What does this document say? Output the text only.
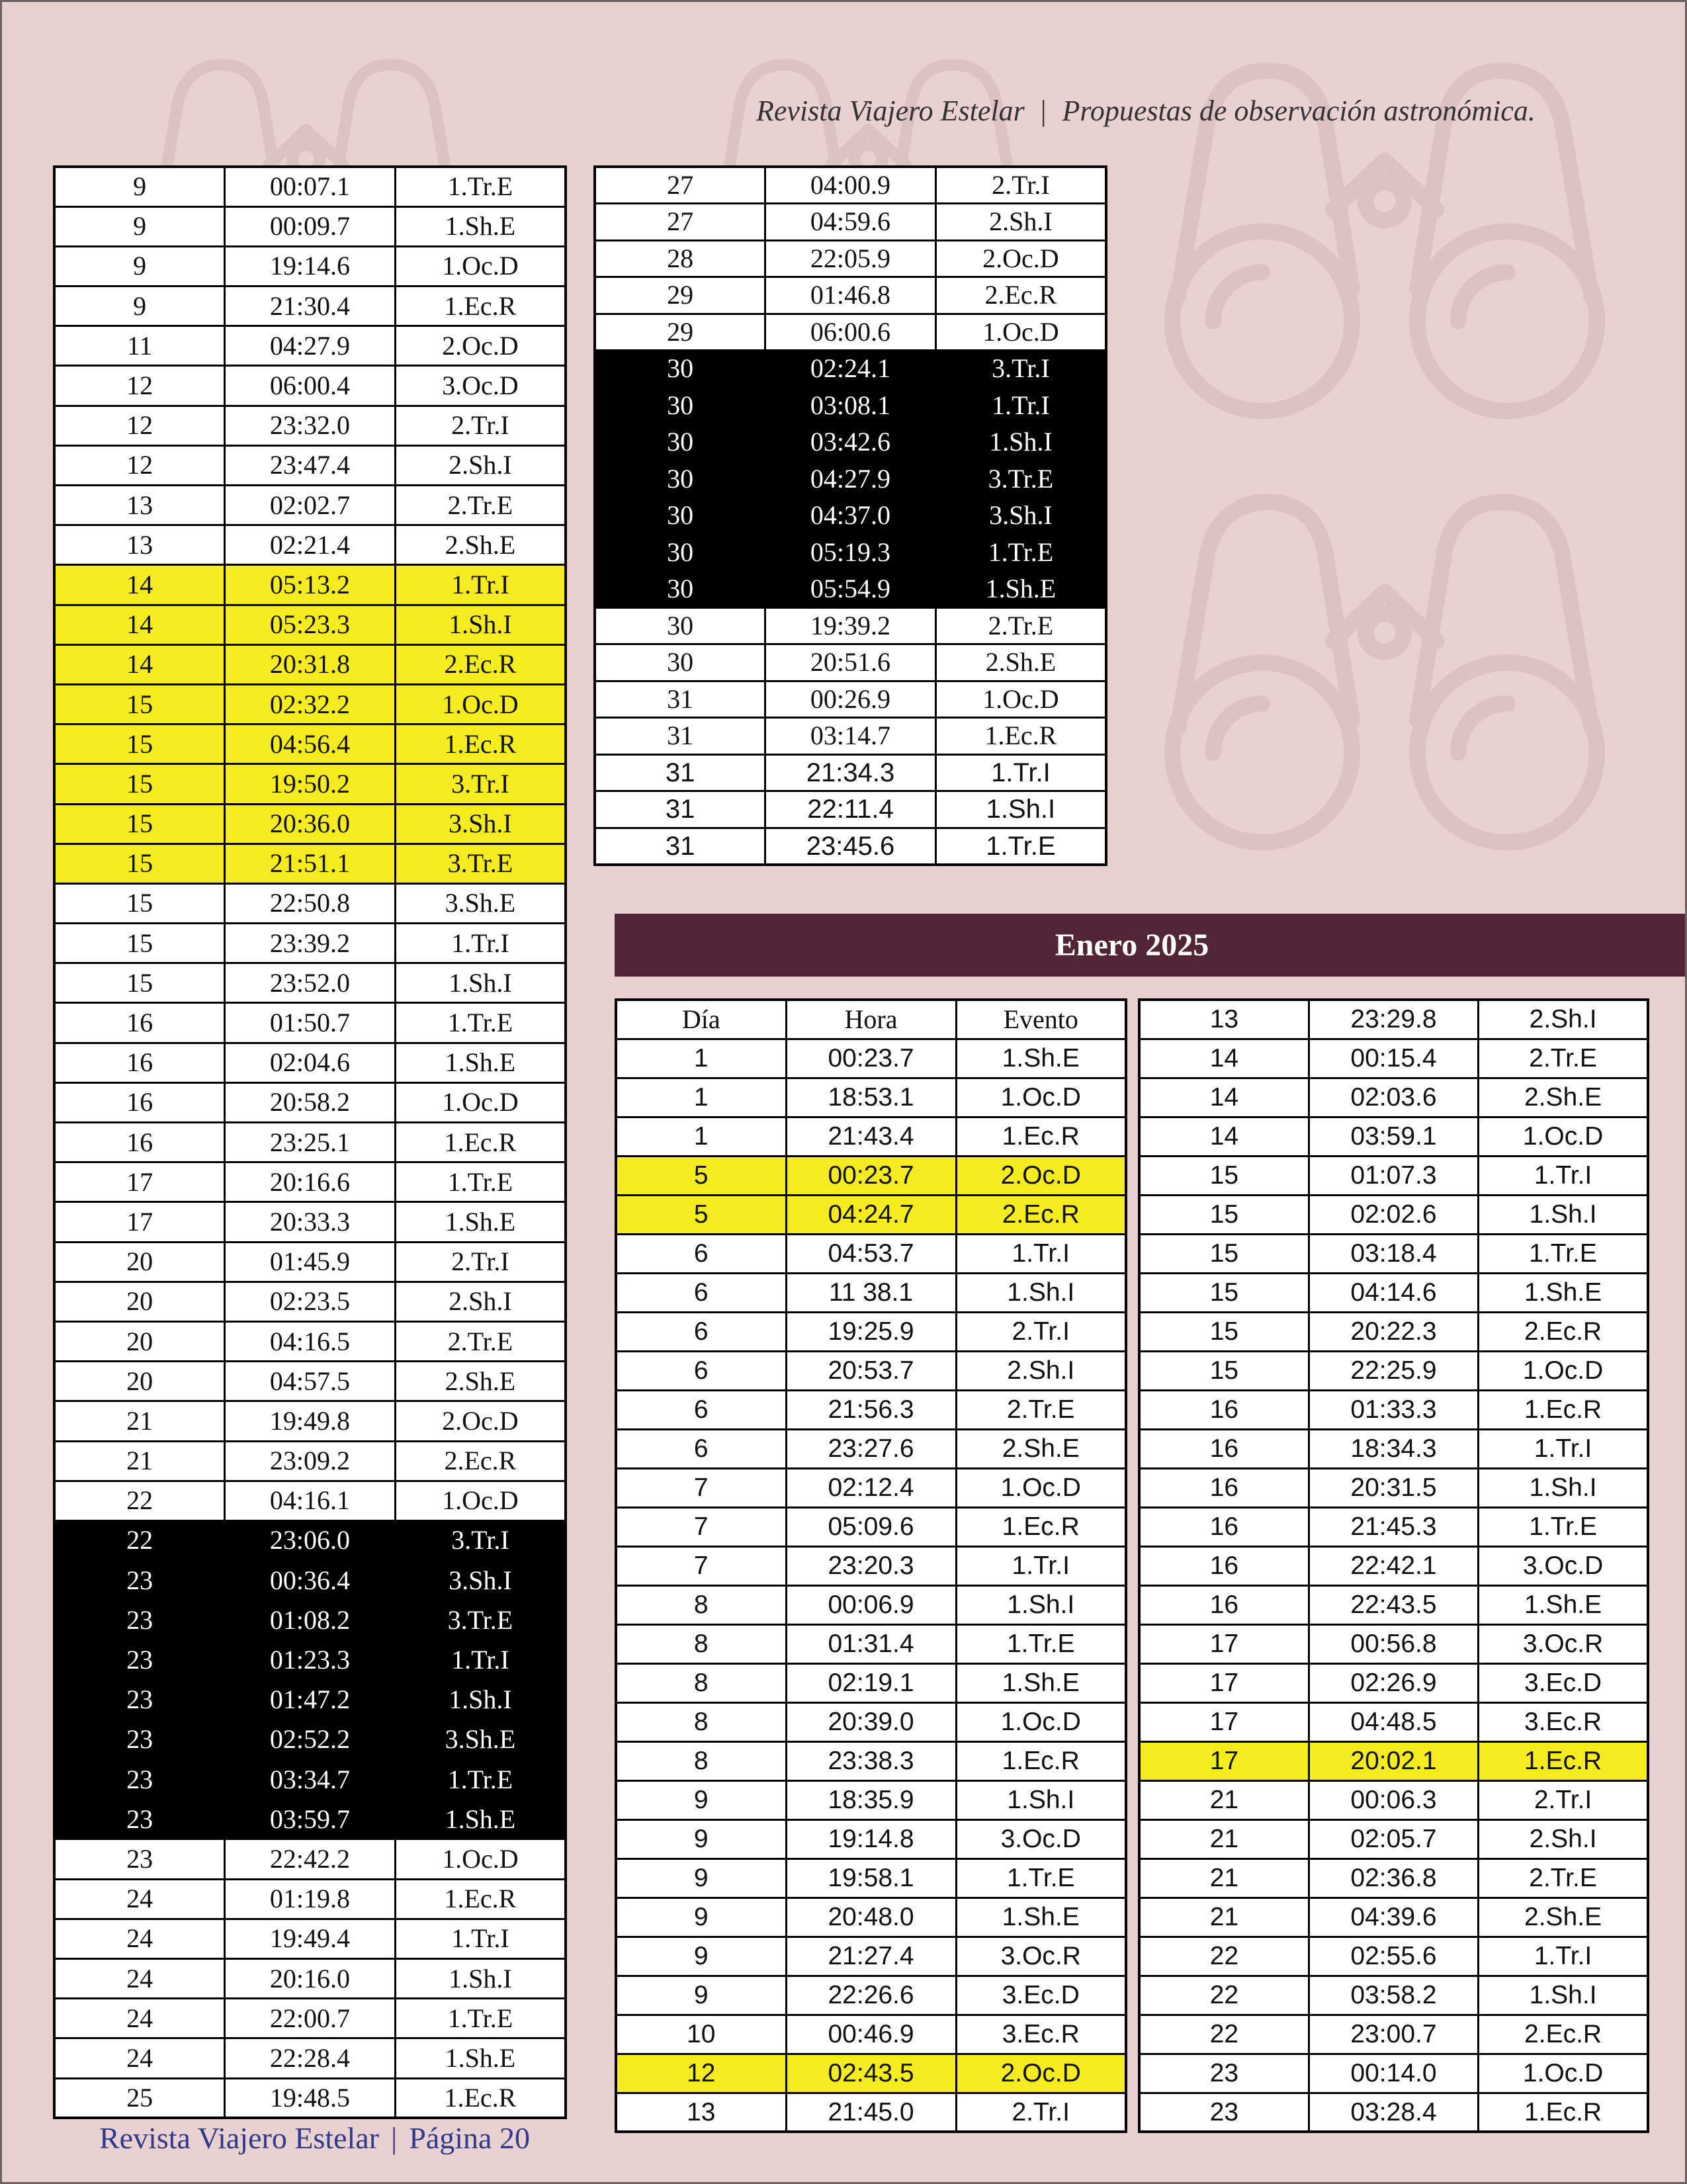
Revista Viajero Estelar | Propuestas de observación astronómica.
9	00:07.1	1.Tr.E
9	00:09.7	1.Sh.E
9	19:14.6	1.Oc.D
9	21:30.4	1.Ec.R
11	04:27.9	2.Oc.D
12	06:00.4	3.Oc.D
12	23:32.0	2.Tr.I
12	23:47.4	2.Sh.I
13	02:02.7	2.Tr.E
13	02:21.4	2.Sh.E
14	05:13.2	1.Tr.I
14	05:23.3	1.Sh.I
14	20:31.8	2.Ec.R
15	02:32.2	1.Oc.D
15	04:56.4	1.Ec.R
15	19:50.2	3.Tr.I
15	20:36.0	3.Sh.I
15	21:51.1	3.Tr.E
15	22:50.8	3.Sh.E
15	23:39.2	1.Tr.I
15	23:52.0	1.Sh.I
16	01:50.7	1.Tr.E
16	02:04.6	1.Sh.E
16	20:58.2	1.Oc.D
16	23:25.1	1.Ec.R
17	20:16.6	1.Tr.E
17	20:33.3	1.Sh.E
20	01:45.9	2.Tr.I
20	02:23.5	2.Sh.I
20	04:16.5	2.Tr.E
20	04:57.5	2.Sh.E
21	19:49.8	2.Oc.D
21	23:09.2	2.Ec.R
22	04:16.1	1.Oc.D
22	23:06.0	3.Tr.I
23	00:36.4	3.Sh.I
23	01:08.2	3.Tr.E
23	01:23.3	1.Tr.I
23	01:47.2	1.Sh.I
23	02:52.2	3.Sh.E
23	03:34.7	1.Tr.E
23	03:59.7	1.Sh.E
23	22:42.2	1.Oc.D
24	01:19.8	1.Ec.R
24	19:49.4	1.Tr.I
24	20:16.0	1.Sh.I
24	22:00.7	1.Tr.E
24	22:28.4	1.Sh.E
25	19:48.5	1.Ec.R
27	04:00.9	2.Tr.I
27	04:59.6	2.Sh.I
28	22:05.9	2.Oc.D
29	01:46.8	2.Ec.R
29	06:00.6	1.Oc.D
30	02:24.1	3.Tr.I
30	03:08.1	1.Tr.I
30	03:42.6	1.Sh.I
30	04:27.9	3.Tr.E
30	04:37.0	3.Sh.I
30	05:19.3	1.Tr.E
30	05:54.9	1.Sh.E
30	19:39.2	2.Tr.E
30	20:51.6	2.Sh.E
31	00:26.9	1.Oc.D
31	03:14.7	1.Ec.R
31	21:34.3	1.Tr.I
31	22:11.4	1.Sh.I
31	23:45.6	1.Tr.E
Enero 2025
Día	Hora	Evento
1	00:23.7	1.Sh.E
1	18:53.1	1.Oc.D
1	21:43.4	1.Ec.R
5	00:23.7	2.Oc.D
5	04:24.7	2.Ec.R
6	04:53.7	1.Tr.I
6	11 38.1	1.Sh.I
6	19:25.9	2.Tr.I
6	20:53.7	2.Sh.I
6	21:56.3	2.Tr.E
6	23:27.6	2.Sh.E
7	02:12.4	1.Oc.D
7	05:09.6	1.Ec.R
7	23:20.3	1.Tr.I
8	00:06.9	1.Sh.I
8	01:31.4	1.Tr.E
8	02:19.1	1.Sh.E
8	20:39.0	1.Oc.D
8	23:38.3	1.Ec.R
9	18:35.9	1.Sh.I
9	19:14.8	3.Oc.D
9	19:58.1	1.Tr.E
9	20:48.0	1.Sh.E
9	21:27.4	3.Oc.R
9	22:26.6	3.Ec.D
10	00:46.9	3.Ec.R
12	02:43.5	2.Oc.D
13	21:45.0	2.Tr.I
13	23:29.8	2.Sh.I
14	00:15.4	2.Tr.E
14	02:03.6	2.Sh.E
14	03:59.1	1.Oc.D
15	01:07.3	1.Tr.I
15	02:02.6	1.Sh.I
15	03:18.4	1.Tr.E
15	04:14.6	1.Sh.E
15	20:22.3	2.Ec.R
15	22:25.9	1.Oc.D
16	01:33.3	1.Ec.R
16	18:34.3	1.Tr.I
16	20:31.5	1.Sh.I
16	21:45.3	1.Tr.E
16	22:42.1	3.Oc.D
16	22:43.5	1.Sh.E
17	00:56.8	3.Oc.R
17	02:26.9	3.Ec.D
17	04:48.5	3.Ec.R
17	20:02.1	1.Ec.R
21	00:06.3	2.Tr.I
21	02:05.7	2.Sh.I
21	02:36.8	2.Tr.E
21	04:39.6	2.Sh.E
22	02:55.6	1.Tr.I
22	03:58.2	1.Sh.I
22	23:00.7	2.Ec.R
23	00:14.0	1.Oc.D
23	03:28.4	1.Ec.R
Revista Viajero Estelar | Página 20
